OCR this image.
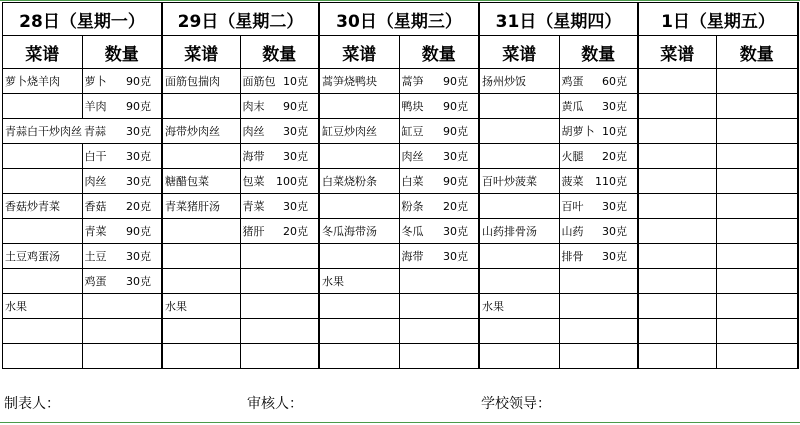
28日（星期一）		29日（星期二）		30日（星期三）		31日（星期四）		1日（星期五）	
菜谱	数量	菜谱	数量	菜谱	数量	菜谱	数量	菜谱	数量
萝卜烧羊肉	萝卜 90克	面筋包揣肉	面筋包 10克	蒿笋烧鸭块	蒿笋 90克	扬州炒饭	鸡蛋 60克		

	羊肉 90克		肉末 90克		鸭块 90克		黄瓜 30克		

青蒜白干炒肉丝	青蒜 30克	海带炒肉丝	肉丝 30克	缸豆炒肉丝	缸豆 90克		胡萝卜 10克		

	白干 30克		海带 30克		肉丝 30克		火腿 20克		

	肉丝 30克	糖醋包菜	包菜 100克	白菜烧粉条	白菜 90克	百叶炒菠菜	菠菜 110克		

香菇炒青菜	香菇 20克	青菜猪肝汤	青菜 30克		粉条 20克		百叶 30克		

	青菜 90克		猪肝 20克	冬瓜海带汤	冬瓜 30克	山药排骨汤	山药 30克		

土豆鸡蛋汤	土豆 30克				海带 30克		排骨 30克		

	鸡蛋 30克			水果	

水果		水果				水果	

制表人：	审核人：	学校领导：
